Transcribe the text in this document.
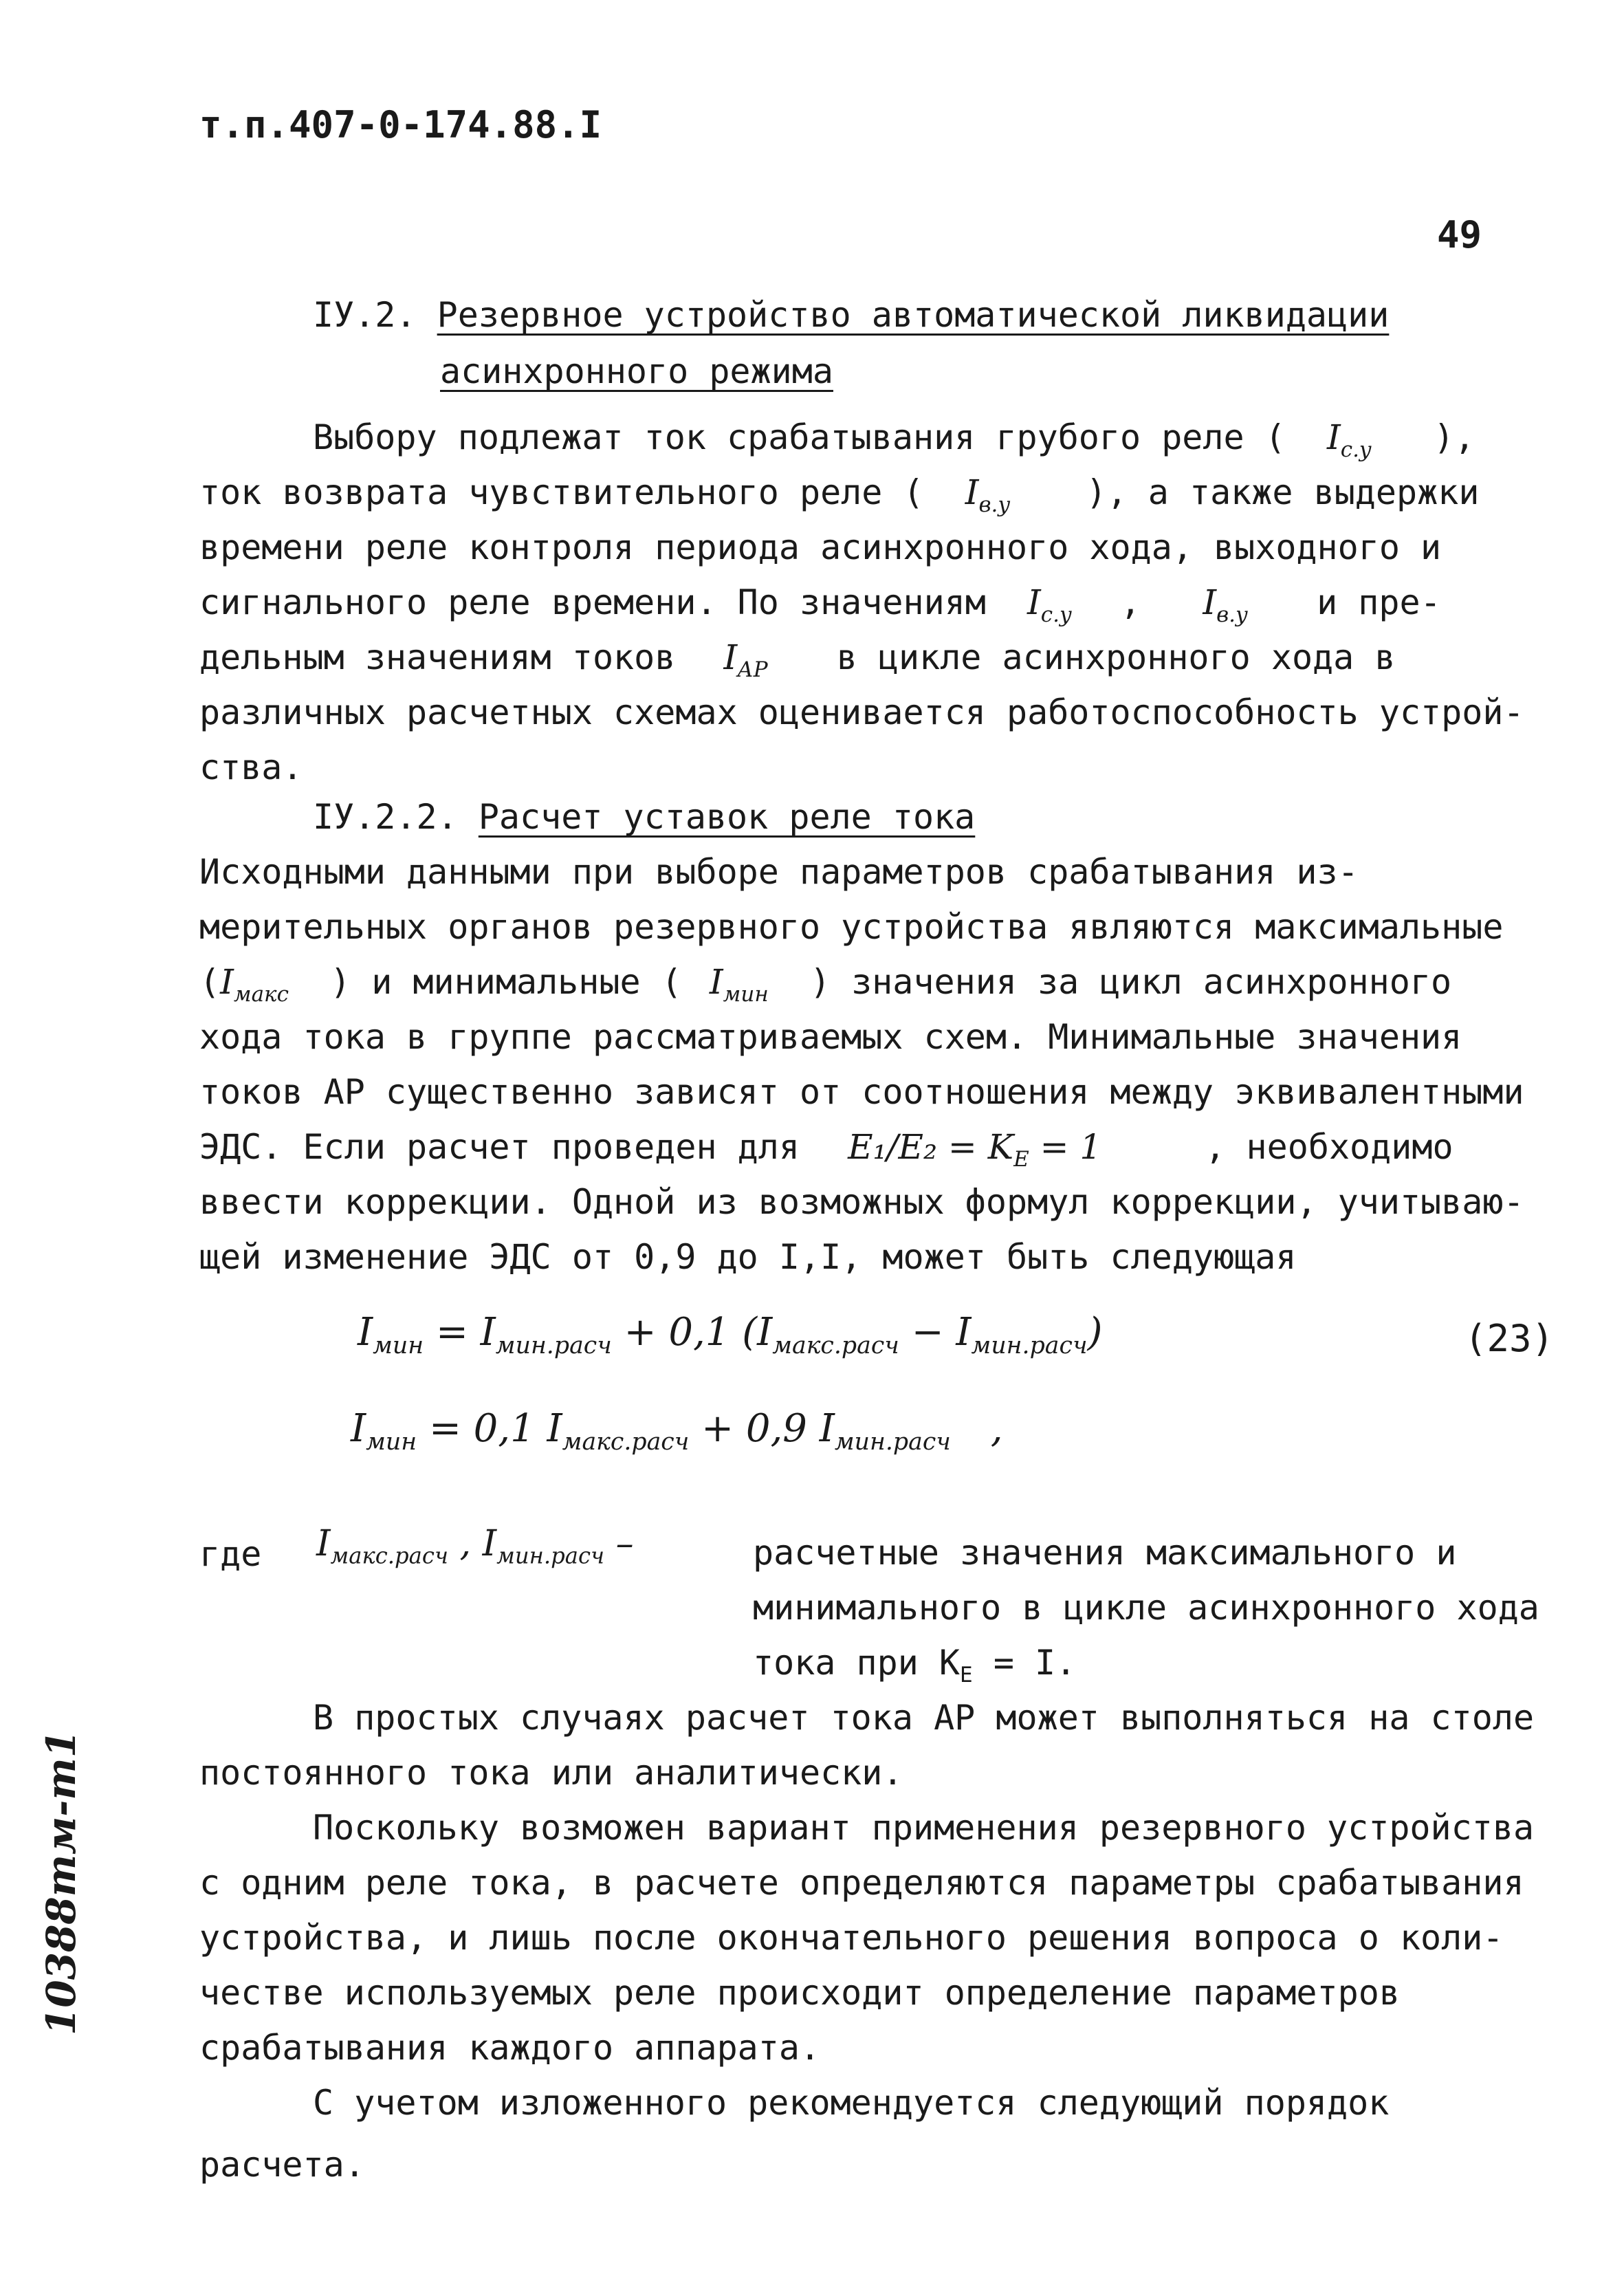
т.п.407-0-174.88.I
49
IУ.2. Резервное устройство автоматической ликвидации
асинхронного режима
Выбору подлежат ток срабатывания грубого реле ( $I_{с.у}$ ),
ток возврата чувствительного реле ( $I_{в.у}$ ), а также выдержки
времени реле контроля периода асинхронного хода, выходного и
сигнального реле времени. По значениям $I_{с.у}$ , $I_{в.у}$ и пре-
дельным значениям токов $I_{АР}$ в цикле асинхронного хода в
различных расчетных схемах оценивается работоспособность устрой-
ства.
IУ.2.2. Расчет уставок реле тока
Исходными данными при выборе параметров срабатывания из-
мерительных органов резервного устройства являются максимальные
($I_{макс}$ ) и минимальные ( $I_{мин}$ ) значения за цикл асинхронного
хода тока в группе рассматриваемых схем. Минимальные значения
токов АР существенно зависят от соотношения между эквивалентными
ЭДС. Если расчет проведен для $E_1/E_2 = K_E = 1$	, необходимо
ввести коррекции. Одной из возможных формул коррекции, учитываю-
щей изменение ЭДС от 0,9 до I,I, может быть следующая
$I_{мин} = I_{мин.расч} + 0,1$ $(I_{макс.расч} - I_{мин.расч})$	(23)
$I_{мин} = 0,1$ $I_{макс.расч} + 0,9$ $I_{мин.расч}$ ,
где $I_{макс.расч}$ , $I_{мин.расч}$ –	расчетные значения максимального и
минимального в цикле асинхронного хода
тока при $K_E = I$.
В простых случаях расчет тока АР может выполняться на столе
постоянного тока или аналитически.
Поскольку возможен вариант применения резервного устройства
с одним реле тока, в расчете определяются параметры срабатывания
устройства, и лишь после окончательного решения вопроса о коли-
честве используемых реле происходит определение параметров
срабатывания каждого аппарата.
С учетом изложенного рекомендуется следующий порядок
расчета.
10388тм-т1
